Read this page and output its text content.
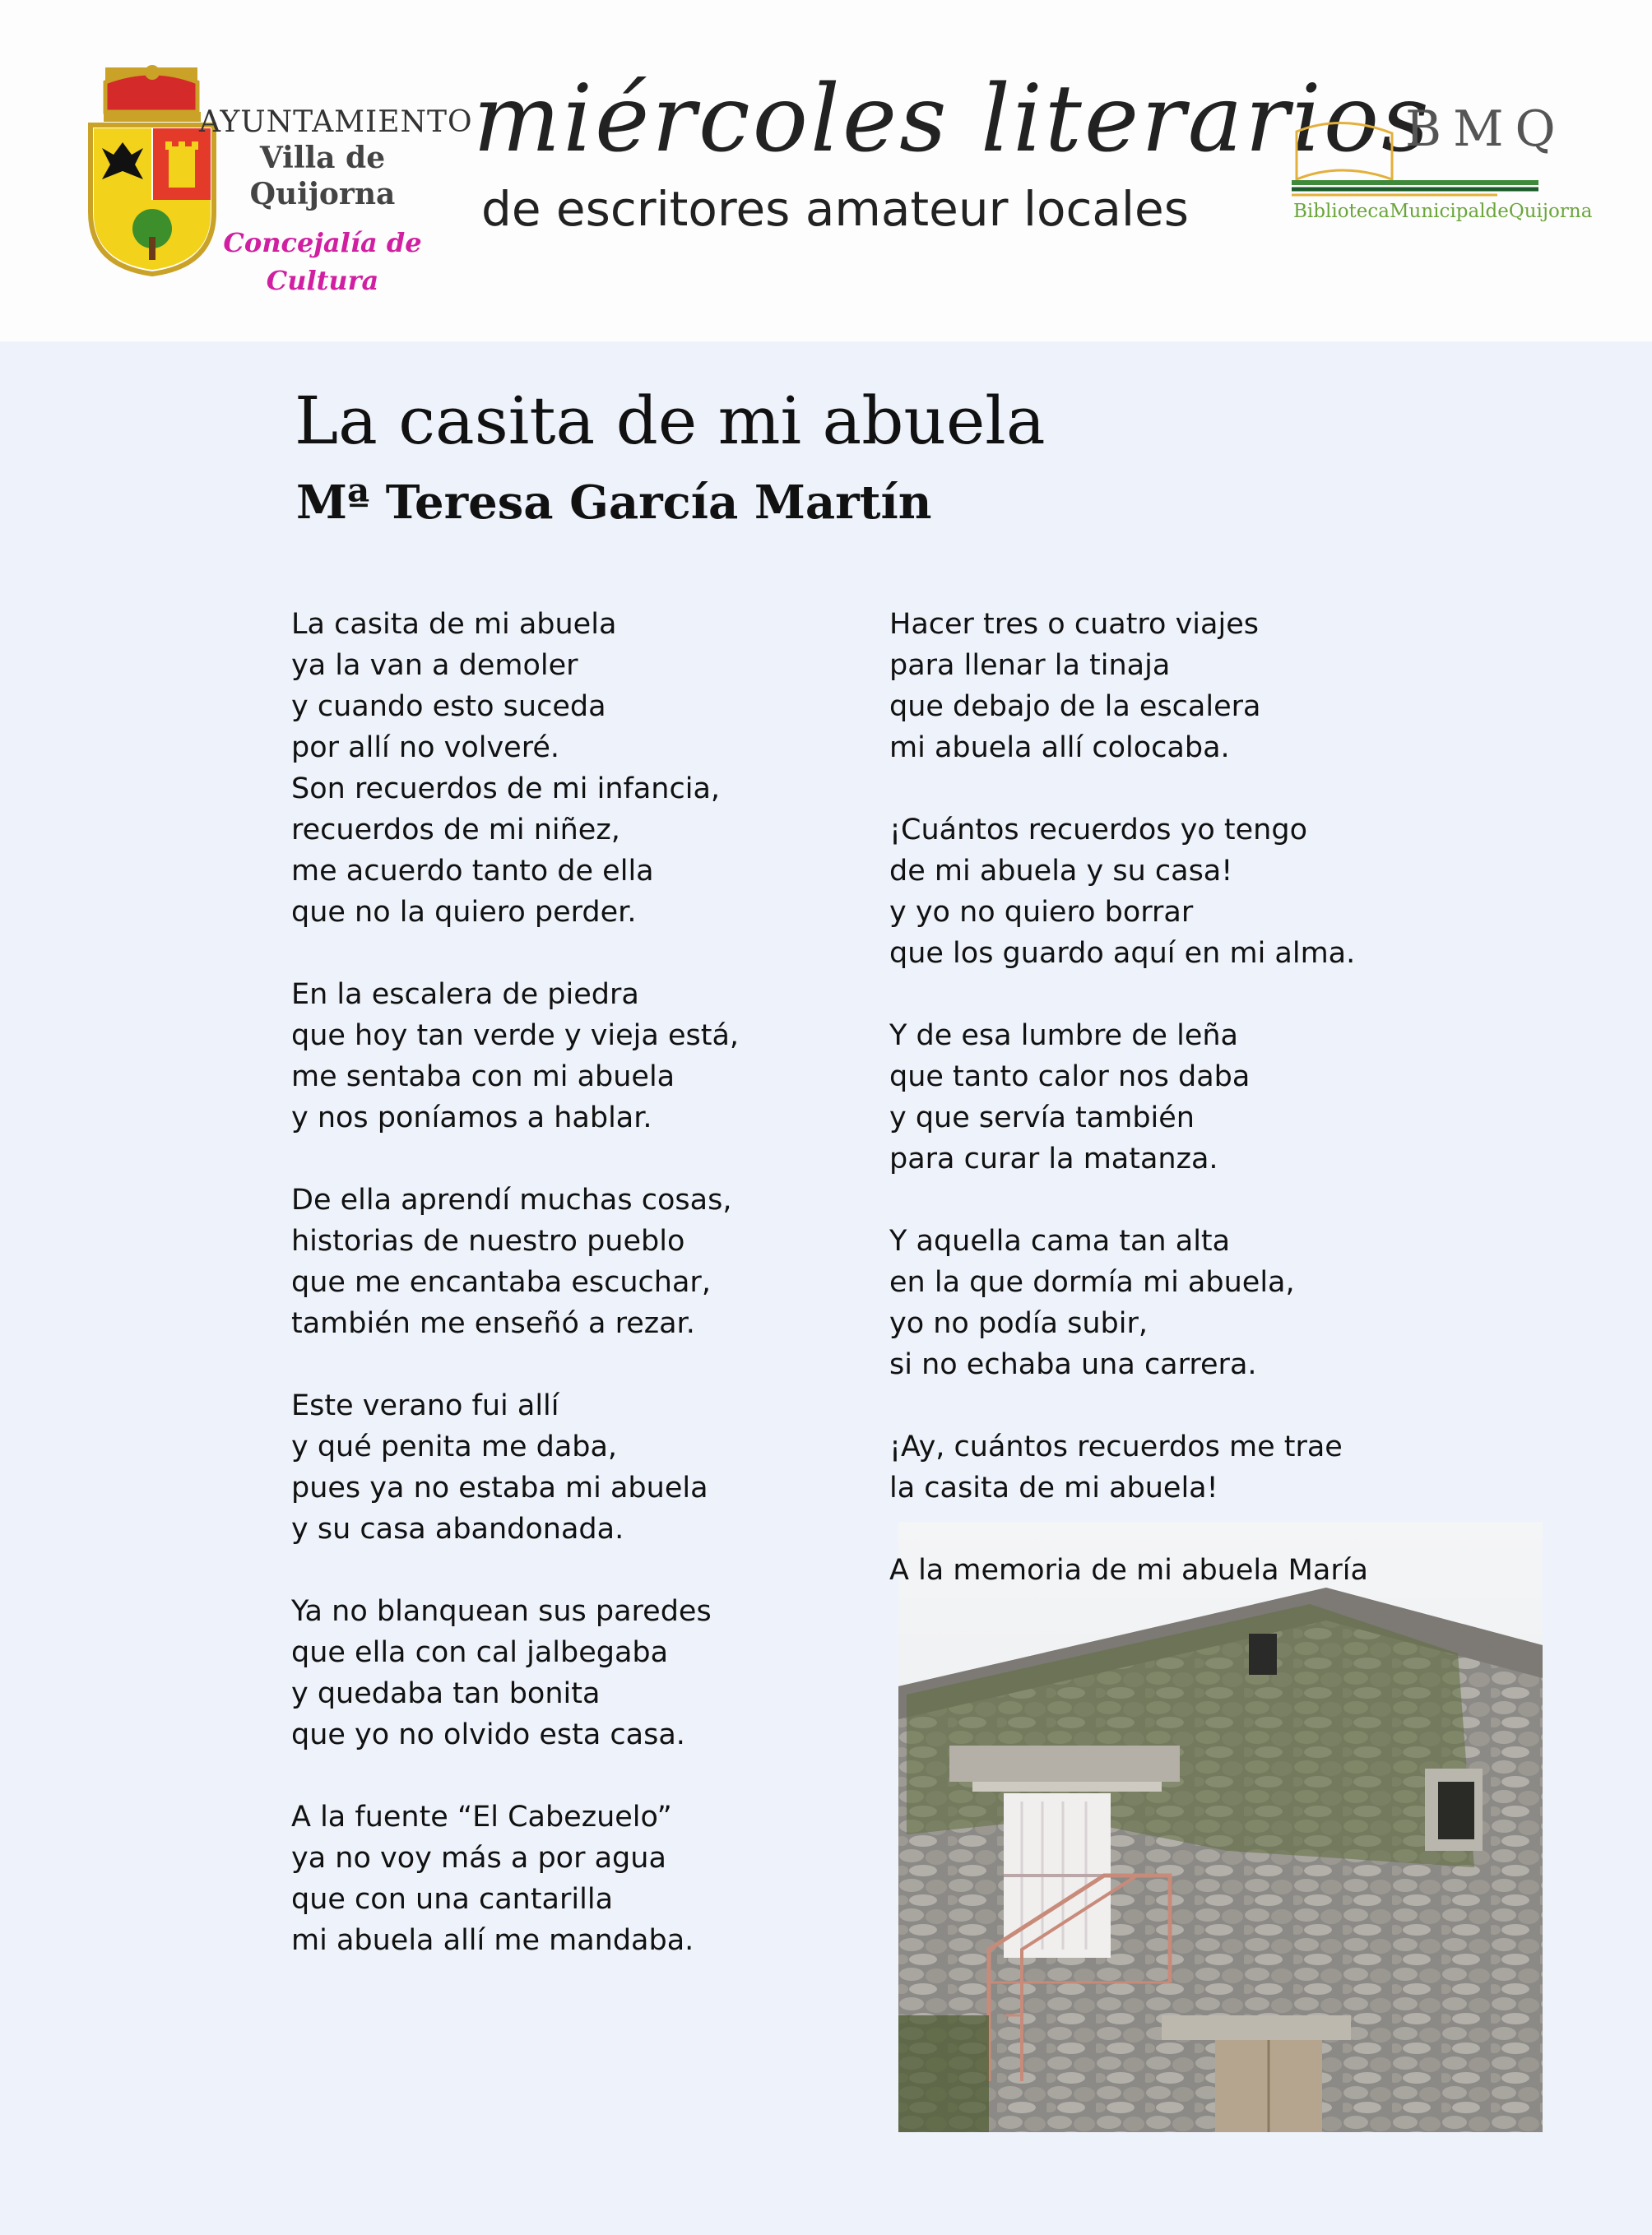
AYUNTAMIENTO
Villa de Quijorna
Concejalía de
Cultura
miércoles literarios
de escritores amateur locales
BMQ
BibliotecaMunicipaldeQuijorna
La casita de mi abuela
Mª Teresa García Martín
La casita de mi abuela
ya la van a demoler
y cuando esto suceda
por allí no volveré.
Son recuerdos de mi infancia,
recuerdos de mi niñez,
me acuerdo tanto de ella
que no la quiero perder.
En la escalera de piedra
que hoy tan verde y vieja está,
me sentaba con mi abuela
y nos poníamos a hablar.
De ella aprendí muchas cosas,
historias de nuestro pueblo
que me encantaba escuchar,
también me enseñó a rezar.
Este verano fui allí
y qué penita me daba,
pues ya no estaba mi abuela
y su casa abandonada.
Ya no blanquean sus paredes
que ella con cal jalbegaba
y quedaba tan bonita
que yo no olvido esta casa.
A la fuente “El Cabezuelo”
ya no voy más a por agua
que con una cantarilla
mi abuela allí me mandaba.
Hacer tres o cuatro viajes
para llenar la tinaja
que debajo de la escalera
mi abuela allí colocaba.
¡Cuántos recuerdos yo tengo
de mi abuela y su casa!
y yo no quiero borrar
que los guardo aquí en mi alma.
Y de esa lumbre de leña
que tanto calor nos daba
y que servía también
para curar la matanza.
Y aquella cama tan alta
en la que dormía mi abuela,
yo no podía subir,
si no echaba una carrera.
¡Ay, cuántos recuerdos me trae
la casita de mi abuela!
A la memoria de mi abuela María
